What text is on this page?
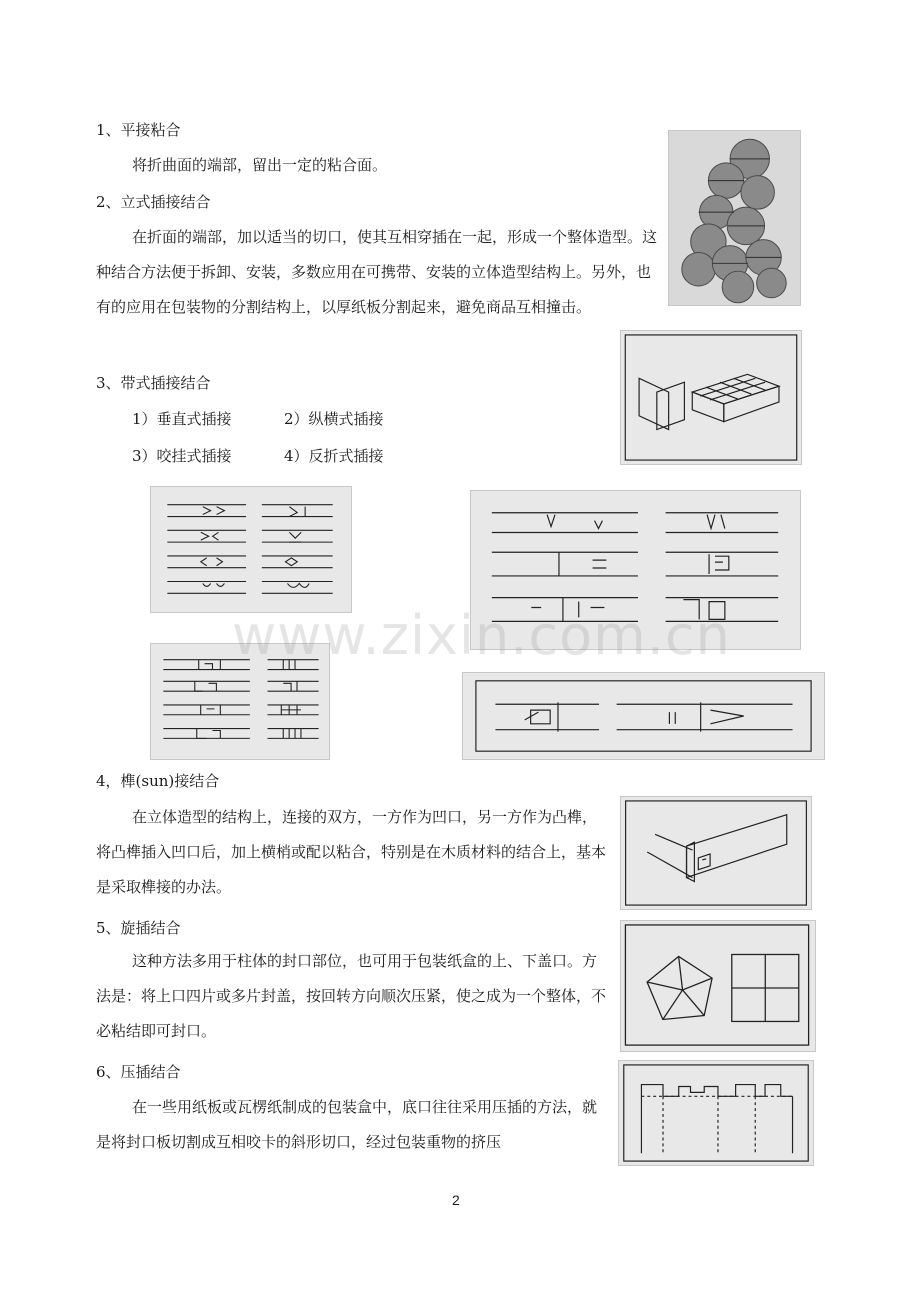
1、平接粘合
将折曲面的端部，留出一定的粘合面。
2、立式插接结合
在折面的端部，加以适当的切口，使其互相穿插在一起，形成一个整体造型。这种结合方法便于拆卸、安装，多数应用在可携带、安装的立体造型结构上。另外，也有的应用在包装物的分割结构上，以厚纸板分割起来，避免商品互相撞击。
3、带式插接结合
1）垂直式插接	2）纵横式插接
3）咬挂式插接	4）反折式插接
4，榫(sun)接结合
在立体造型的结构上，连接的双方，一方作为凹口，另一方作为凸榫，将凸榫插入凹口后，加上横梢或配以粘合，特别是在木质材料的结合上，基本是采取榫接的办法。
5、旋插结合
这种方法多用于柱体的封口部位，也可用于包装纸盒的上、下盖口。方法是：将上口四片或多片封盖，按回转方向顺次压紧，使之成为一个整体，不必粘结即可封口。
6、压插结合
在一些用纸板或瓦楞纸制成的包装盒中，底口往往采用压插的方法，就是将封口板切割成互相咬卡的斜形切口，经过包装重物的挤压
www.zixin.com.cn
2
